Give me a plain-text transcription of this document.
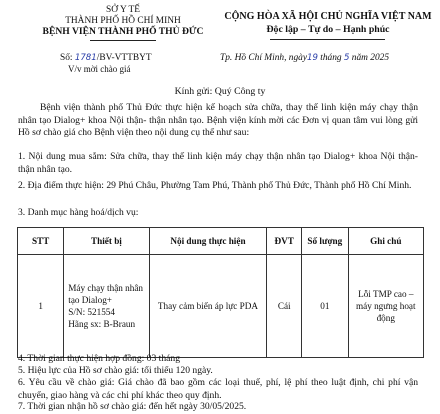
SỞ Y TẾ
THÀNH PHỐ HỒ CHÍ MINH
BỆNH VIỆN THÀNH PHỐ THỦ ĐỨC
Số: 1781/BV-VTTBYT
V/v mời chào giá
CỘNG HÒA XÃ HỘI CHỦ NGHĨA VIỆT NAM
Độc lập – Tự do – Hạnh phúc
Tp. Hồ Chí Minh, ngày19 tháng 5 năm 2025
Kính gửi: Quý Công ty
Bệnh viện thành phố Thủ Đức thực hiện kế hoạch sửa chữa, thay thế linh kiện máy chạy thận nhân tạo Dialog+ khoa Nội thận- thận nhân tạo. Bệnh viện kính mời các Đơn vị quan tâm vui lòng gửi Hồ sơ chào giá cho Bệnh viện theo nội dung cụ thể như sau:
1. Nội dung mua sắm: Sửa chữa, thay thế linh kiện máy chạy thận nhân tạo Dialog+ khoa Nội thận- thận nhân tạo.
2. Địa điểm thực hiện: 29 Phú Châu, Phường Tam Phú, Thành phố Thủ Đức, Thành phố Hồ Chí Minh.
3. Danh mục hàng hoá/dịch vụ:
STT	Thiết bị	Nội dung thực hiện	ĐVT	Số lượng	Ghi chú
1	Máy chạy thận nhân tạo Dialog+
S/N: 521554
Hãng sx: B-Braun	Thay cảm biến áp lực PDA	Cái	01	Lỗi TMP cao – máy ngưng hoạt động
4. Thời gian thực hiện hợp đồng: 03 tháng
5. Hiệu lực của Hồ sơ chào giá: tối thiểu 120 ngày.
6. Yêu cầu về chào giá: Giá chào đã bao gồm các loại thuế, phí, lệ phí theo luật định, chi phí vận chuyển, giao hàng và các chi phí khác theo quy định.
7. Thời gian nhận hồ sơ chào giá: đến hết ngày 30/05/2025.
